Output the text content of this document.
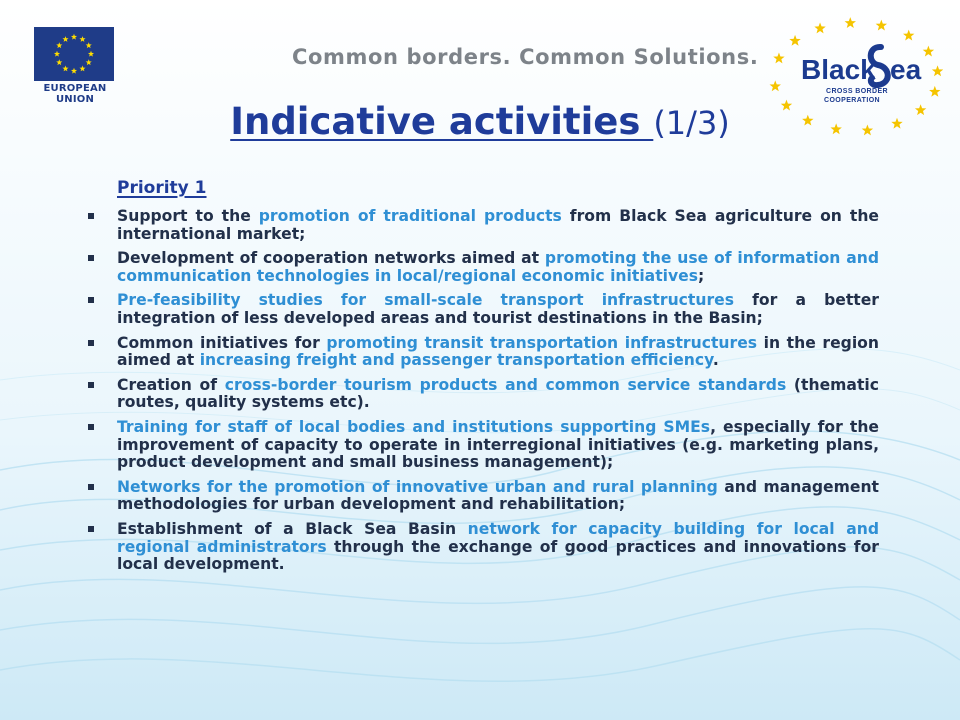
EUROPEAN UNION
Common borders. Common Solutions. Black ea
CROSS BORDER
COOPERATION
Indicative activities (1/3)
Priority 1
Support to the promotion of traditional products from Black Sea agriculture on the international market;
Development of cooperation networks aimed at promoting the use of information and communication technologies in local/regional economic initiatives;
Pre-feasibility studies for small-scale transport infrastructures for a better integration of less developed areas and tourist destinations in the Basin;
Common initiatives for promoting transit transportation infrastructures in the region aimed at increasing freight and passenger transportation efficiency.
Creation of cross-border tourism products and common service standards (thematic routes, quality systems etc).
Training for staff of local bodies and institutions supporting SMEs, especially for the improvement of capacity to operate in interregional initiatives (e.g. marketing plans, product development and small business management);
Networks for the promotion of innovative urban and rural planning and management methodologies for urban development and rehabilitation;
Establishment of a Black Sea Basin network for capacity building for local and regional administrators through the exchange of good practices and innovations for local development.
